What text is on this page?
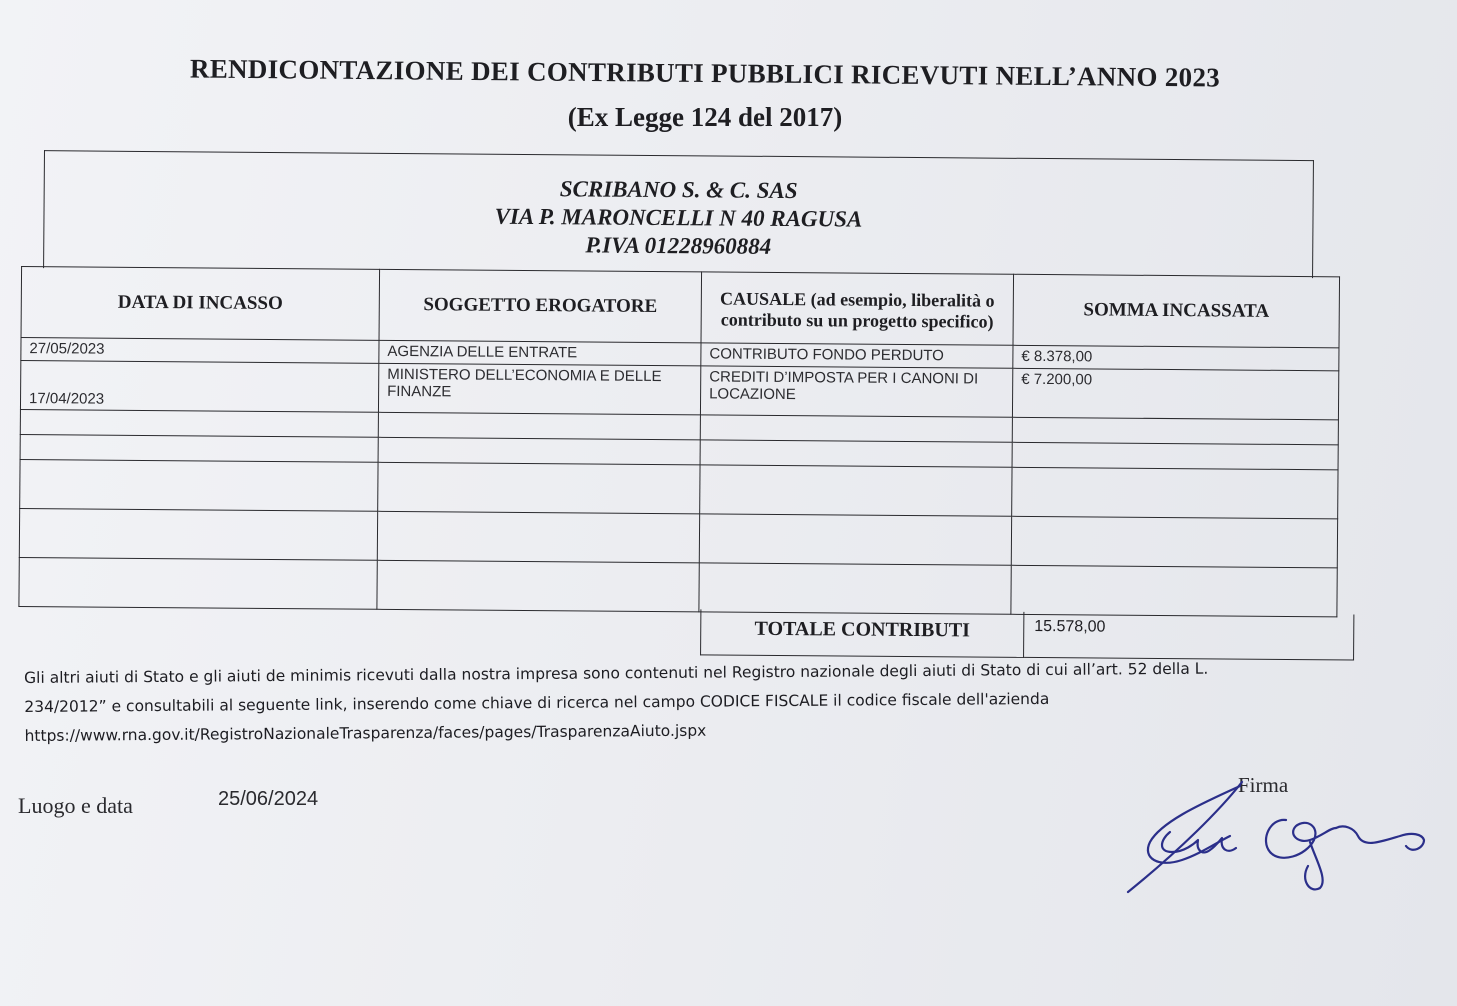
RENDICONTAZIONE DEI CONTRIBUTI PUBBLICI RICEVUTI NELL’ANNO 2023
(Ex Legge 124 del 2017)
SCRIBANO S. & C. SAS
VIA P. MARONCELLI N 40 RAGUSA
P.IVA 01228960884
DATA DI INCASSO	SOGGETTO EROGATORE	CAUSALE (ad esempio, liberalità o contributo su un progetto specifico)	SOMMA INCASSATA
27/05/2023	AGENZIA DELLE ENTRATE	CONTRIBUTO FONDO PERDUTO	€ 8.378,00
17/04/2023	MINISTERO DELL’ECONOMIA E DELLE FINANZE	CREDITI D’IMPOSTA PER I CANONI DI LOCAZIONE	€ 7.200,00

TOTALE CONTRIBUTI	15.578,00

Gli altri aiuti di Stato e gli aiuti de minimis ricevuti dalla nostra impresa sono contenuti nel Registro nazionale degli aiuti di Stato di cui all’art. 52 della L.

234/2012” e consultabili al seguente link, inserendo come chiave di ricerca nel campo CODICE FISCALE il codice fiscale dell'azienda

https://www.rna.gov.it/RegistroNazionaleTrasparenza/faces/pages/TrasparenzaAiuto.jspx

Luogo e data	25/06/2024
Firma
